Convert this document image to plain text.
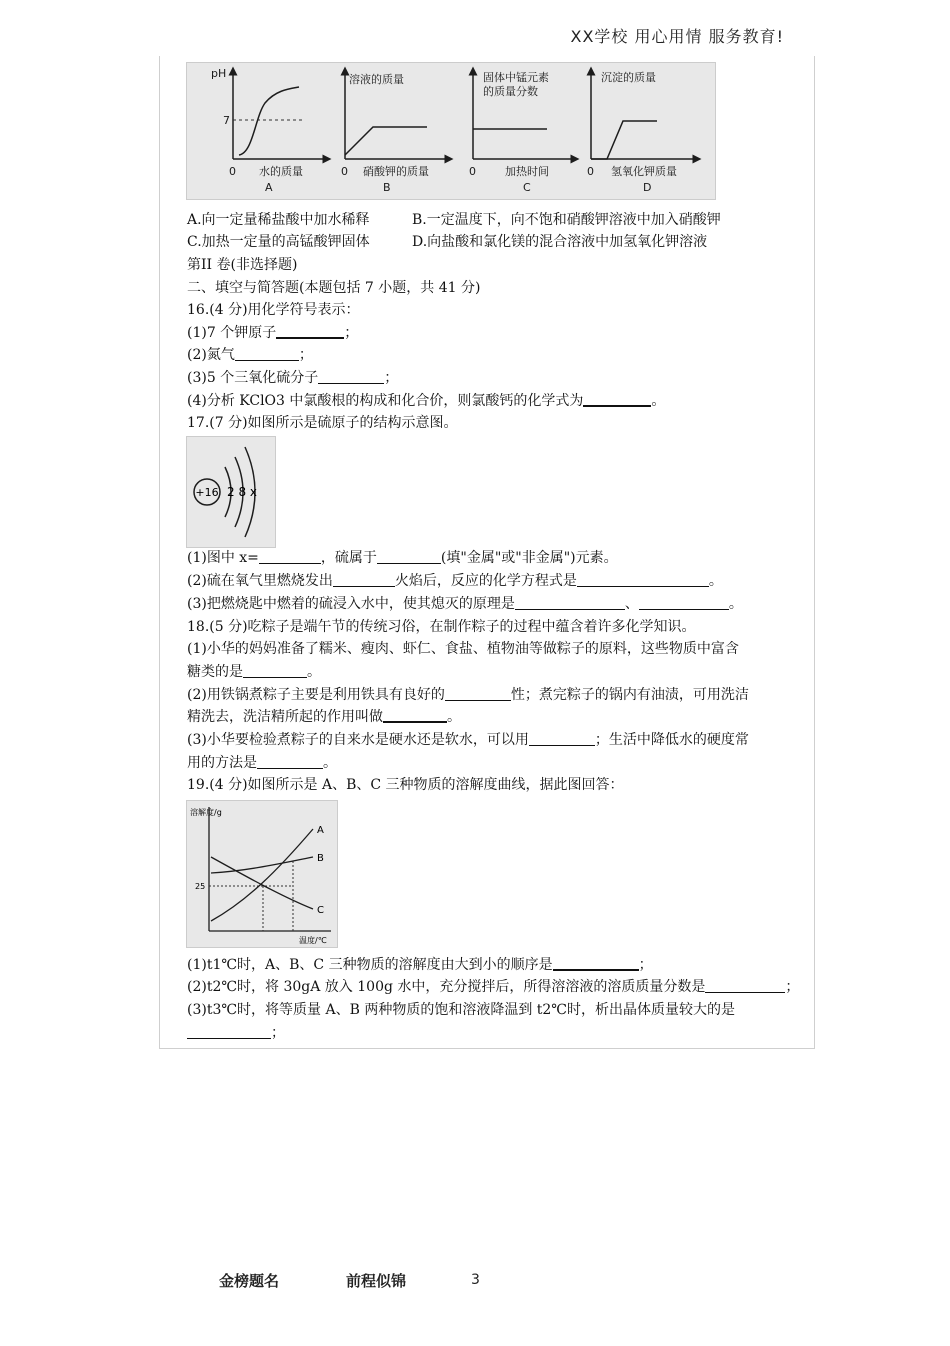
XX学校 用心用情 服务教育!
pH
7
0 水的质量
A
溶液的质量
0 硝酸钾的质量
B
固体中锰元素
的质量分数
0	加热时间
C
沉淀的质量
0 氢氧化钾质量
D
A.向一定量稀盐酸中加水稀释	B.一定温度下，向不饱和硝酸钾溶液中加入硝酸钾
C.加热一定量的高锰酸钾固体	D.向盐酸和氯化镁的混合溶液中加氢氧化钾溶液
第II 卷(非选择题)
二、填空与简答题(本题包括 7 小题，共 41 分)
16.(4 分)用化学符号表示：
(1)7 个钾原子	；
(2)氮气	；
(3)5 个三氧化硫分子	；
(4)分析 KClO3 中氯酸根的构成和化合价，则氯酸钙的化学式为	。
17.(7 分)如图所示是硫原子的结构示意图。
+16 2 8 x
(1)图中 x=	，硫属于	(填"金属"或"非金属")元素。
(2)硫在氧气里燃烧发出	火焰后，反应的化学方程式是	。
(3)把燃烧匙中燃着的硫浸入水中，使其熄灭的原理是	、	。
18.(5 分)吃粽子是端午节的传统习俗，在制作粽子的过程中蕴含着许多化学知识。
(1)小华的妈妈准备了糯米、瘦肉、虾仁、食盐、植物油等做粽子的原料，这些物质中富含
糖类的是	。
(2)用铁锅煮粽子主要是利用铁具有良好的	性；煮完粽子的锅内有油渍，可用洗洁
精洗去，洗洁精所起的作用叫做	。
(3)小华要检验煮粽子的自来水是硬水还是软水，可以用	；生活中降低水的硬度常
用的方法是	。
19.(4 分)如图所示是 A、B、C 三种物质的溶解度曲线，据此图回答：
溶解度/g
25
A
B
C
温度/℃
(1)t1℃时，A、B、C 三种物质的溶解度由大到小的顺序是	；
(2)t2℃时，将 30gA 放入 100g 水中，充分搅拌后，所得溶溶液的溶质质量分数是	；
(3)t3℃时，将等质量 A、B 两种物质的饱和溶液降温到 t2℃时，析出晶体质量较大的是
；
金榜题名	前程似锦	3
